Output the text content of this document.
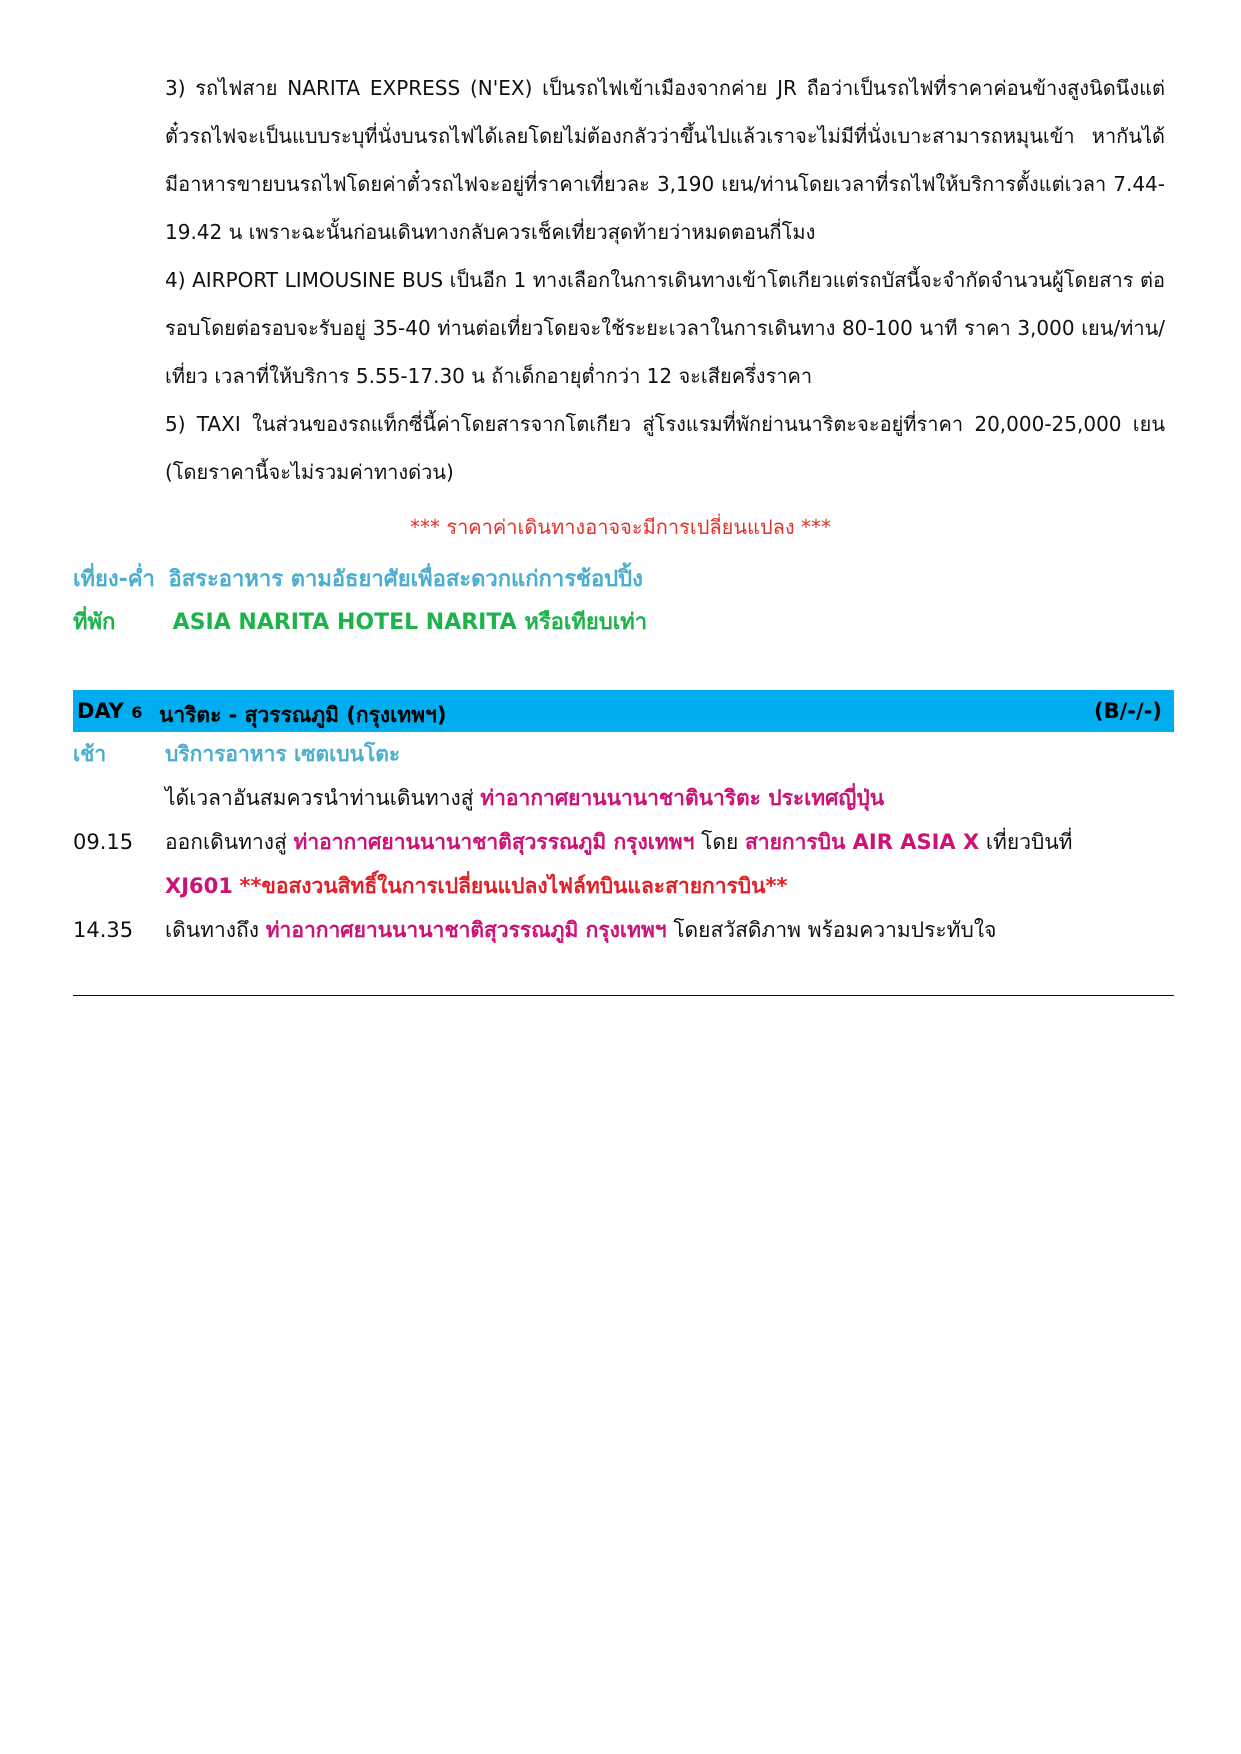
3) รถไฟสาย NARITA EXPRESS (N'EX) เป็นรถไฟเข้าเมืองจากค่าย JR ถือว่าเป็นรถไฟที่ราคาค่อนข้างสูงนิดนึงแต่ตั๋วรถไฟจะเป็นแบบระบุที่นั่งบนรถไฟได้เลยโดยไม่ต้องกลัวว่าขึ้นไปแล้วเราจะไม่มีที่นั่งเบาะสามารถหมุนเข้า หากันได้มีอาหารขายบนรถไฟโดยค่าตั๋วรถไฟจะอยู่ที่ราคาเที่ยวละ 3,190 เยน/ท่านโดยเวลาที่รถไฟให้บริการตั้งแต่เวลา 7.44-19.42 น เพราะฉะนั้นก่อนเดินทางกลับควรเช็คเที่ยวสุดท้ายว่าหมดตอนกี่โมง
4) AIRPORT LIMOUSINE BUS เป็นอีก 1 ทางเลือกในการเดินทางเข้าโตเกียวแต่รถบัสนี้จะจำกัดจำนวนผู้โดยสาร ต่อรอบโดยต่อรอบจะรับอยู่ 35-40 ท่านต่อเที่ยวโดยจะใช้ระยะเวลาในการเดินทาง 80-100 นาที ราคา 3,000 เยน/ท่าน/เที่ยว เวลาที่ให้บริการ 5.55-17.30 น ถ้าเด็กอายุต่ำกว่า 12 จะเสียครึ่งราคา
5) TAXI ในส่วนของรถแท็กซี่นี้ค่าโดยสารจากโตเกียว สู่โรงแรมที่พักย่านนาริตะจะอยู่ที่ราคา 20,000-25,000 เยน (โดยราคานี้จะไม่รวมค่าทางด่วน)
*** ราคาค่าเดินทางอาจจะมีการเปลี่ยนแปลง ***
เที่ยง-ค่ำ อิสระอาหาร ตามอัธยาศัยเพื่อสะดวกแก่การช้อปปิ้ง
ที่พัก	ASIA NARITA HOTEL NARITA หรือเทียบเท่า
DAY 6 นาริตะ - สุวรรณภูมิ (กรุงเทพฯ)	(B/-/-)
เช้า	บริการอาหาร เซตเบนโตะ
ได้เวลาอันสมควรนำท่านเดินทางสู่ ท่าอากาศยานนานาชาตินาริตะ ประเทศญี่ปุ่น
09.15	ออกเดินทางสู่ ท่าอากาศยานนานาชาติสุวรรณภูมิ กรุงเทพฯ โดย สายการบิน AIR ASIA X เที่ยวบินที่
XJ601 **ขอสงวนสิทธิ์ในการเปลี่ยนแปลงไฟล์ทบินและสายการบิน**
14.35	เดินทางถึง ท่าอากาศยานนานาชาติสุวรรณภูมิ กรุงเทพฯ โดยสวัสดิภาพ พร้อมความประทับใจ
